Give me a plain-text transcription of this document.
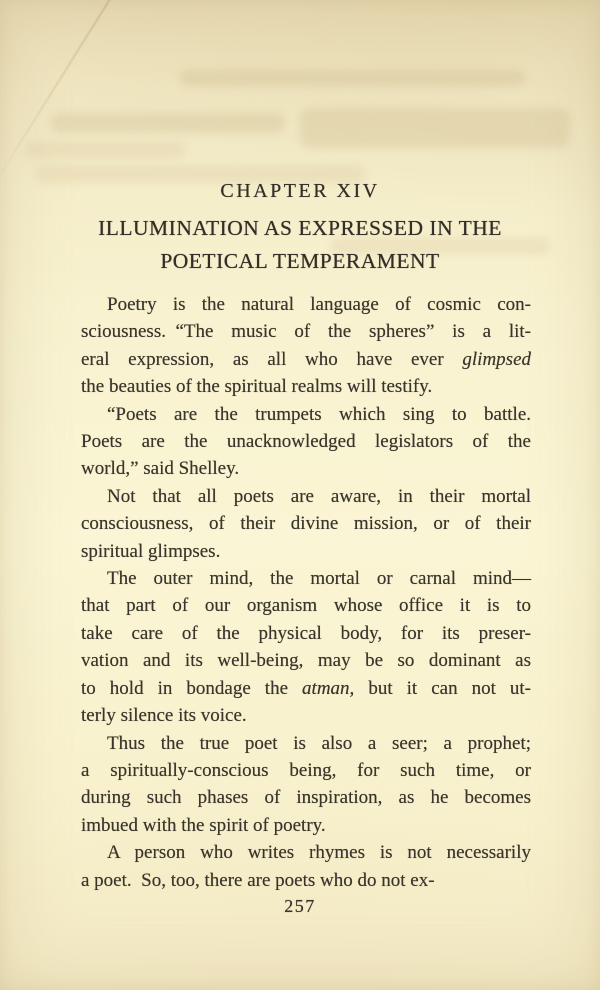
CHAPTER XIV
ILLUMINATION AS EXPRESSED IN THE
POETICAL TEMPERAMENT
Poetry is the natural language of cosmic con-
sciousness. “The music of the spheres” is a lit-
eral expression, as all who have ever glimpsed
the beauties of the spiritual realms will testify.
“Poets are the trumpets which sing to battle.
Poets are the unacknowledged legislators of the
world,” said Shelley.
Not that all poets are aware, in their mortal
consciousness, of their divine mission, or of their
spiritual glimpses.
The outer mind, the mortal or carnal mind—
that part of our organism whose office it is to
take care of the physical body, for its preser-
vation and its well-being, may be so dominant as
to hold in bondage the atman, but it can not ut-
terly silence its voice.
Thus the true poet is also a seer; a prophet;
a spiritually-conscious being, for such time, or
during such phases of inspiration, as he becomes
imbued with the spirit of poetry.
A person who writes rhymes is not necessarily
a poet. So, too, there are poets who do not ex-
257
